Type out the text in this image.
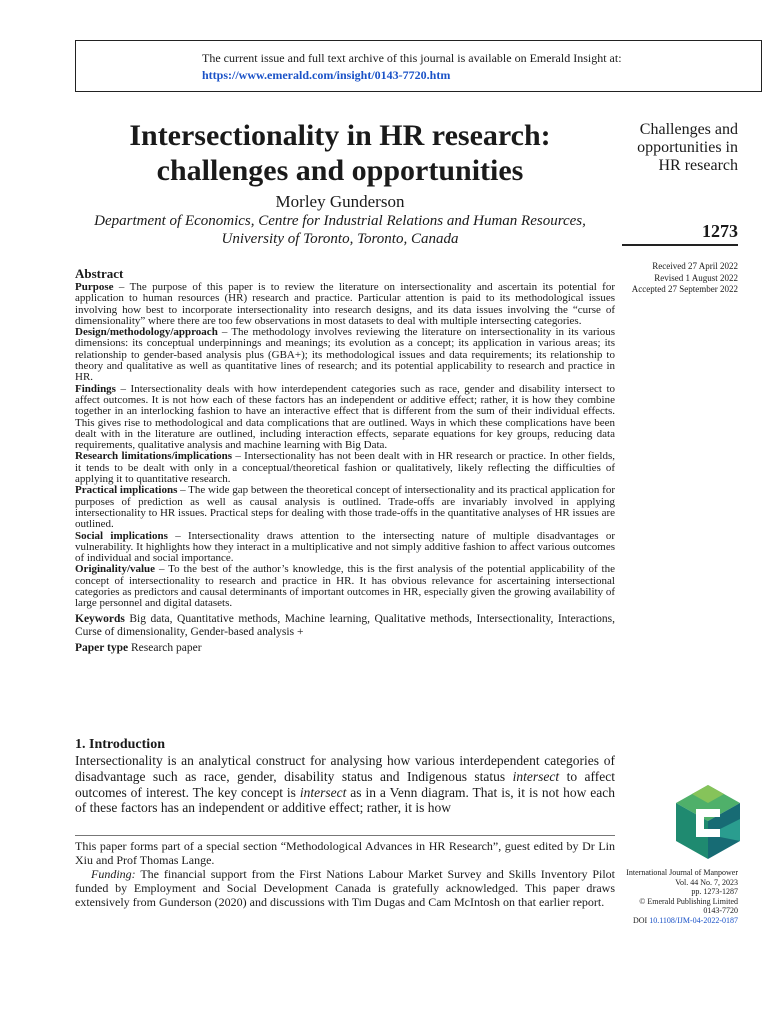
The current issue and full text archive of this journal is available on Emerald Insight at:
https://www.emerald.com/insight/0143-7720.htm
Intersectionality in HR research: challenges and opportunities
Morley Gunderson
Department of Economics, Centre for Industrial Relations and Human Resources,
University of Toronto, Toronto, Canada
Challenges and opportunities in HR research
1273
Received 27 April 2022
Revised 1 August 2022
Accepted 27 September 2022
Abstract

Purpose – The purpose of this paper is to review the literature on intersectionality and ascertain its potential for application to human resources (HR) research and practice. Particular attention is paid to its methodological issues involving how best to incorporate intersectionality into research designs, and its data issues involving the “curse of dimensionality” where there are too few observations in most datasets to deal with multiple intersecting categories.

Design/methodology/approach – The methodology involves reviewing the literature on intersectionality in its various dimensions: its conceptual underpinnings and meanings; its evolution as a concept; its application in various areas; its relationship to gender-based analysis plus (GBA+); its methodological issues and data requirements; its relationship to theory and qualitative as well as quantitative lines of research; and its potential applicability to research and practice in HR.

Findings – Intersectionality deals with how interdependent categories such as race, gender and disability intersect to affect outcomes. It is not how each of these factors has an independent or additive effect; rather, it is how they combine together in an interlocking fashion to have an interactive effect that is different from the sum of their individual effects. This gives rise to methodological and data complications that are outlined. Ways in which these complications have been dealt with in the literature are outlined, including interaction effects, separate equations for key groups, reducing data requirements, qualitative analysis and machine learning with Big Data.

Research limitations/implications – Intersectionality has not been dealt with in HR research or practice. In other fields, it tends to be dealt with only in a conceptual/theoretical fashion or qualitatively, likely reflecting the difficulties of applying it to quantitative research.

Practical implications – The wide gap between the theoretical concept of intersectionality and its practical application for purposes of prediction as well as causal analysis is outlined. Trade-offs are invariably involved in applying intersectionality to HR issues. Practical steps for dealing with those trade-offs in the quantitative analyses of HR issues are outlined.

Social implications – Intersectionality draws attention to the intersecting nature of multiple disadvantages or vulnerability. It highlights how they interact in a multiplicative and not simply additive fashion to affect various outcomes of individual and social importance.

Originality/value – To the best of the author’s knowledge, this is the first analysis of the potential applicability of the concept of intersectionality to research and practice in HR. It has obvious relevance for ascertaining intersectional categories as predictors and causal determinants of important outcomes in HR, especially given the growing availability of large personnel and digital datasets.

Keywords Big data, Quantitative methods, Machine learning, Qualitative methods, Intersectionality, Interactions, Curse of dimensionality, Gender-based analysis +

Paper type Research paper

1. Introduction
Intersectionality is an analytical construct for analysing how various interdependent categories of disadvantage such as race, gender, disability status and Indigenous status intersect to affect outcomes of interest. The key concept is intersect as in a Venn diagram. That is, it is not how each of these factors has an independent or additive effect; rather, it is how

This paper forms part of a special section “Methodological Advances in HR Research”, guest edited by Dr Lin Xiu and Prof Thomas Lange.

Funding: The financial support from the First Nations Labour Market Survey and Skills Inventory Pilot funded by Employment and Social Development Canada is gratefully acknowledged. This paper draws extensively from Gunderson (2020) and discussions with Tim Dugas and Cam McIntosh on that earlier report.

International Journal of Manpower
Vol. 44 No. 7, 2023
pp. 1273-1287
© Emerald Publishing Limited
0143-7720
DOI 10.1108/IJM-04-2022-0187
